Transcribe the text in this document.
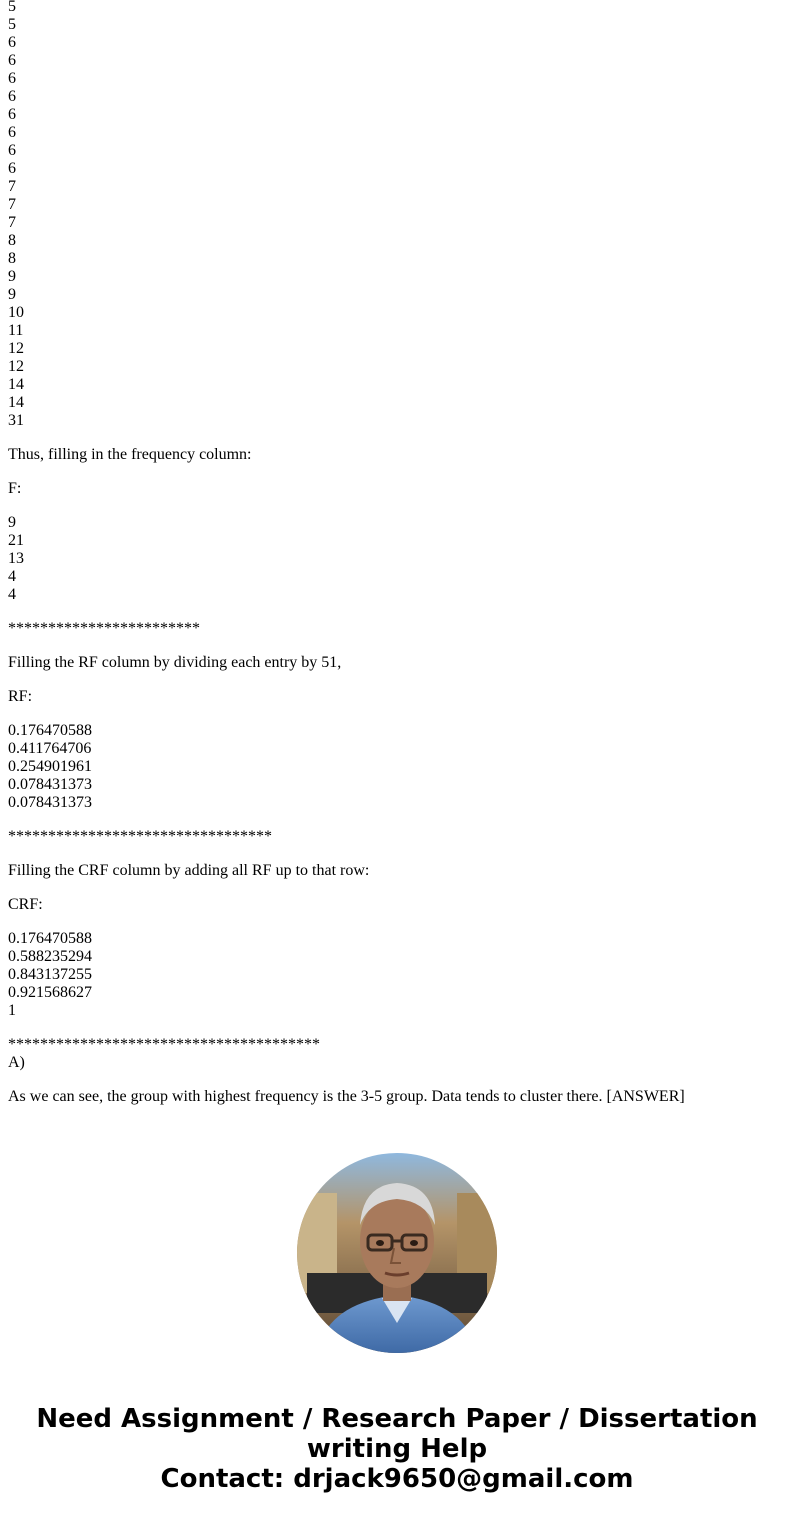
5
5
6
6
6
6
6
6
6
6
7
7
7
8
8
9
9
10
11
12
12
14
14
31
Thus, filling in the frequency column:
F:
9
21
13
4
4
************************
Filling the RF column by dividing each entry by 51,
RF:
0.176470588
0.411764706
0.254901961
0.078431373
0.078431373
*********************************
Filling the CRF column by adding all RF up to that row:
CRF:
0.176470588
0.588235294
0.843137255
0.921568627
1
***************************************
A)
As we can see, the group with highest frequency is the 3-5 group. Data tends to cluster there. [ANSWER]
Need Assignment / Research Paper / Dissertation
writing Help
Contact: drjack9650@gmail.com
